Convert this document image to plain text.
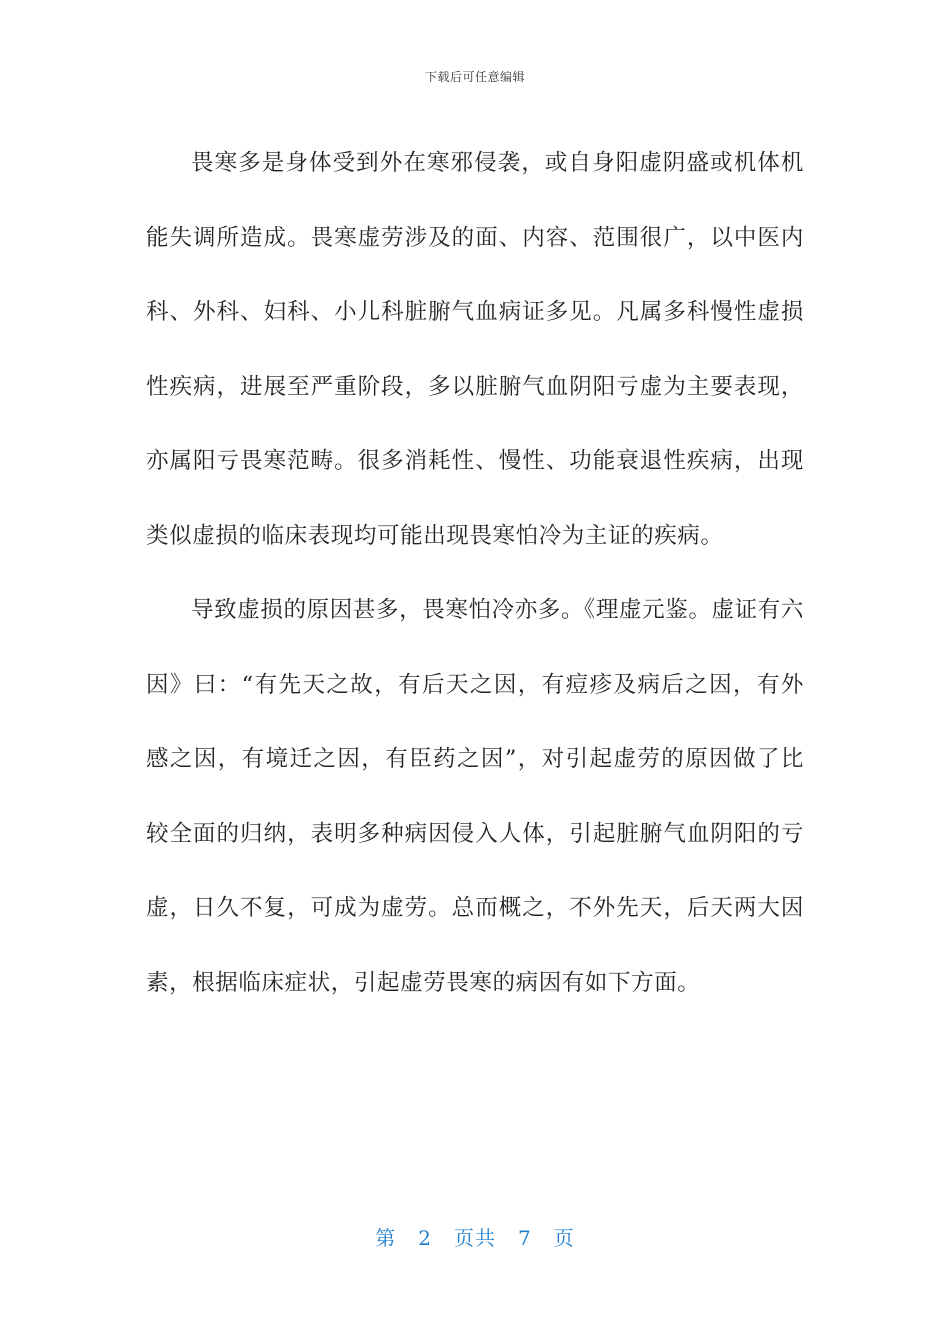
下载后可任意编辑

畏寒多是身体受到外在寒邪侵袭，或自身阳虚阴盛或机体机能失调所造成。畏寒虚劳涉及的面、内容、范围很广，以中医内科、外科、妇科、小儿科脏腑气血病证多见。凡属多科慢性虚损性疾病，进展至严重阶段，多以脏腑气血阴阳亏虚为主要表现，亦属阳亏畏寒范畴。很多消耗性、慢性、功能衰退性疾病，出现类似虚损的临床表现均可能出现畏寒怕冷为主证的疾病。

导致虚损的原因甚多，畏寒怕冷亦多。《理虚元鉴。虚证有六因》曰：“有先天之故，有后天之因，有痘疹及病后之因，有外感之因，有境迁之因，有臣药之因”，对引起虚劳的原因做了比较全面的归纳，表明多种病因侵入人体，引起脏腑气血阴阳的亏虚，日久不复，可成为虚劳。总而概之，不外先天，后天两大因素，根据临床症状，引起虚劳畏寒的病因有如下方面。

第 2 页共 7 页
